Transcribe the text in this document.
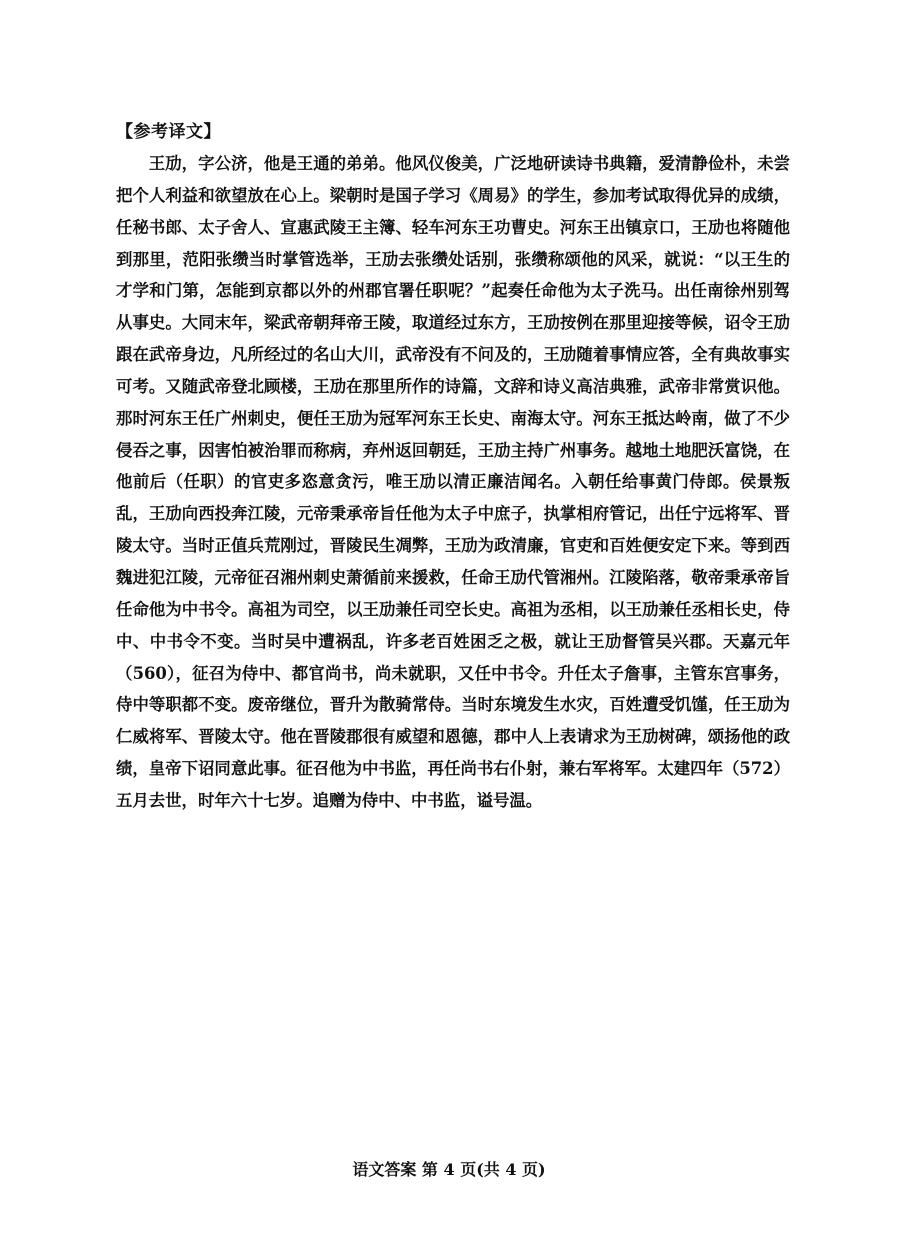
【参考译文】

王劢，字公济，他是王通的弟弟。他风仪俊美，广泛地研读诗书典籍，爱清静俭朴，未尝把个人利益和欲望放在心上。梁朝时是国子学习《周易》的学生，参加考试取得优异的成绩，任秘书郎、太子舍人、宣惠武陵王主簿、轻车河东王功曹史。河东王出镇京口，王劢也将随他到那里，范阳张缵当时掌管选举，王劢去张缵处话别，张缵称颂他的风采，就说：“以王生的才学和门第，怎能到京都以外的州郡官署任职呢？”起奏任命他为太子洗马。出任南徐州别驾从事史。大同末年，梁武帝朝拜帝王陵，取道经过东方，王劢按例在那里迎接等候，诏令王劢跟在武帝身边，凡所经过的名山大川，武帝没有不问及的，王劢随着事情应答，全有典故事实可考。又随武帝登北顾楼，王劢在那里所作的诗篇，文辞和诗义高洁典雅，武帝非常赏识他。那时河东王任广州刺史，便任王劢为冠军河东王长史、南海太守。河东王抵达岭南，做了不少侵吞之事，因害怕被治罪而称病，弃州返回朝廷，王劢主持广州事务。越地土地肥沃富饶，在他前后（任职）的官吏多恣意贪污，唯王劢以清正廉洁闻名。入朝任给事黄门侍郎。侯景叛乱，王劢向西投奔江陵，元帝秉承帝旨任他为太子中庶子，执掌相府管记，出任宁远将军、晋陵太守。当时正值兵荒刚过，晋陵民生凋弊，王劢为政清廉，官吏和百姓便安定下来。等到西魏进犯江陵，元帝征召湘州刺史萧循前来援救，任命王劢代管湘州。江陵陷落，敬帝秉承帝旨任命他为中书令。高祖为司空，以王劢兼任司空长史。高祖为丞相，以王劢兼任丞相长史，侍中、中书令不变。当时吴中遭祸乱，许多老百姓困乏之极，就让王劢督管吴兴郡。天嘉元年（560），征召为侍中、都官尚书，尚未就职，又任中书令。升任太子詹事，主管东宫事务，侍中等职都不变。废帝继位，晋升为散骑常侍。当时东境发生水灾，百姓遭受饥馑，任王劢为仁威将军、晋陵太守。他在晋陵郡很有威望和恩德，郡中人上表请求为王劢树碑，颂扬他的政绩，皇帝下诏同意此事。征召他为中书监，再任尚书右仆射，兼右军将军。太建四年（572）五月去世，时年六十七岁。追赠为侍中、中书监，谥号温。

语文答案 第 4 页(共 4 页)
